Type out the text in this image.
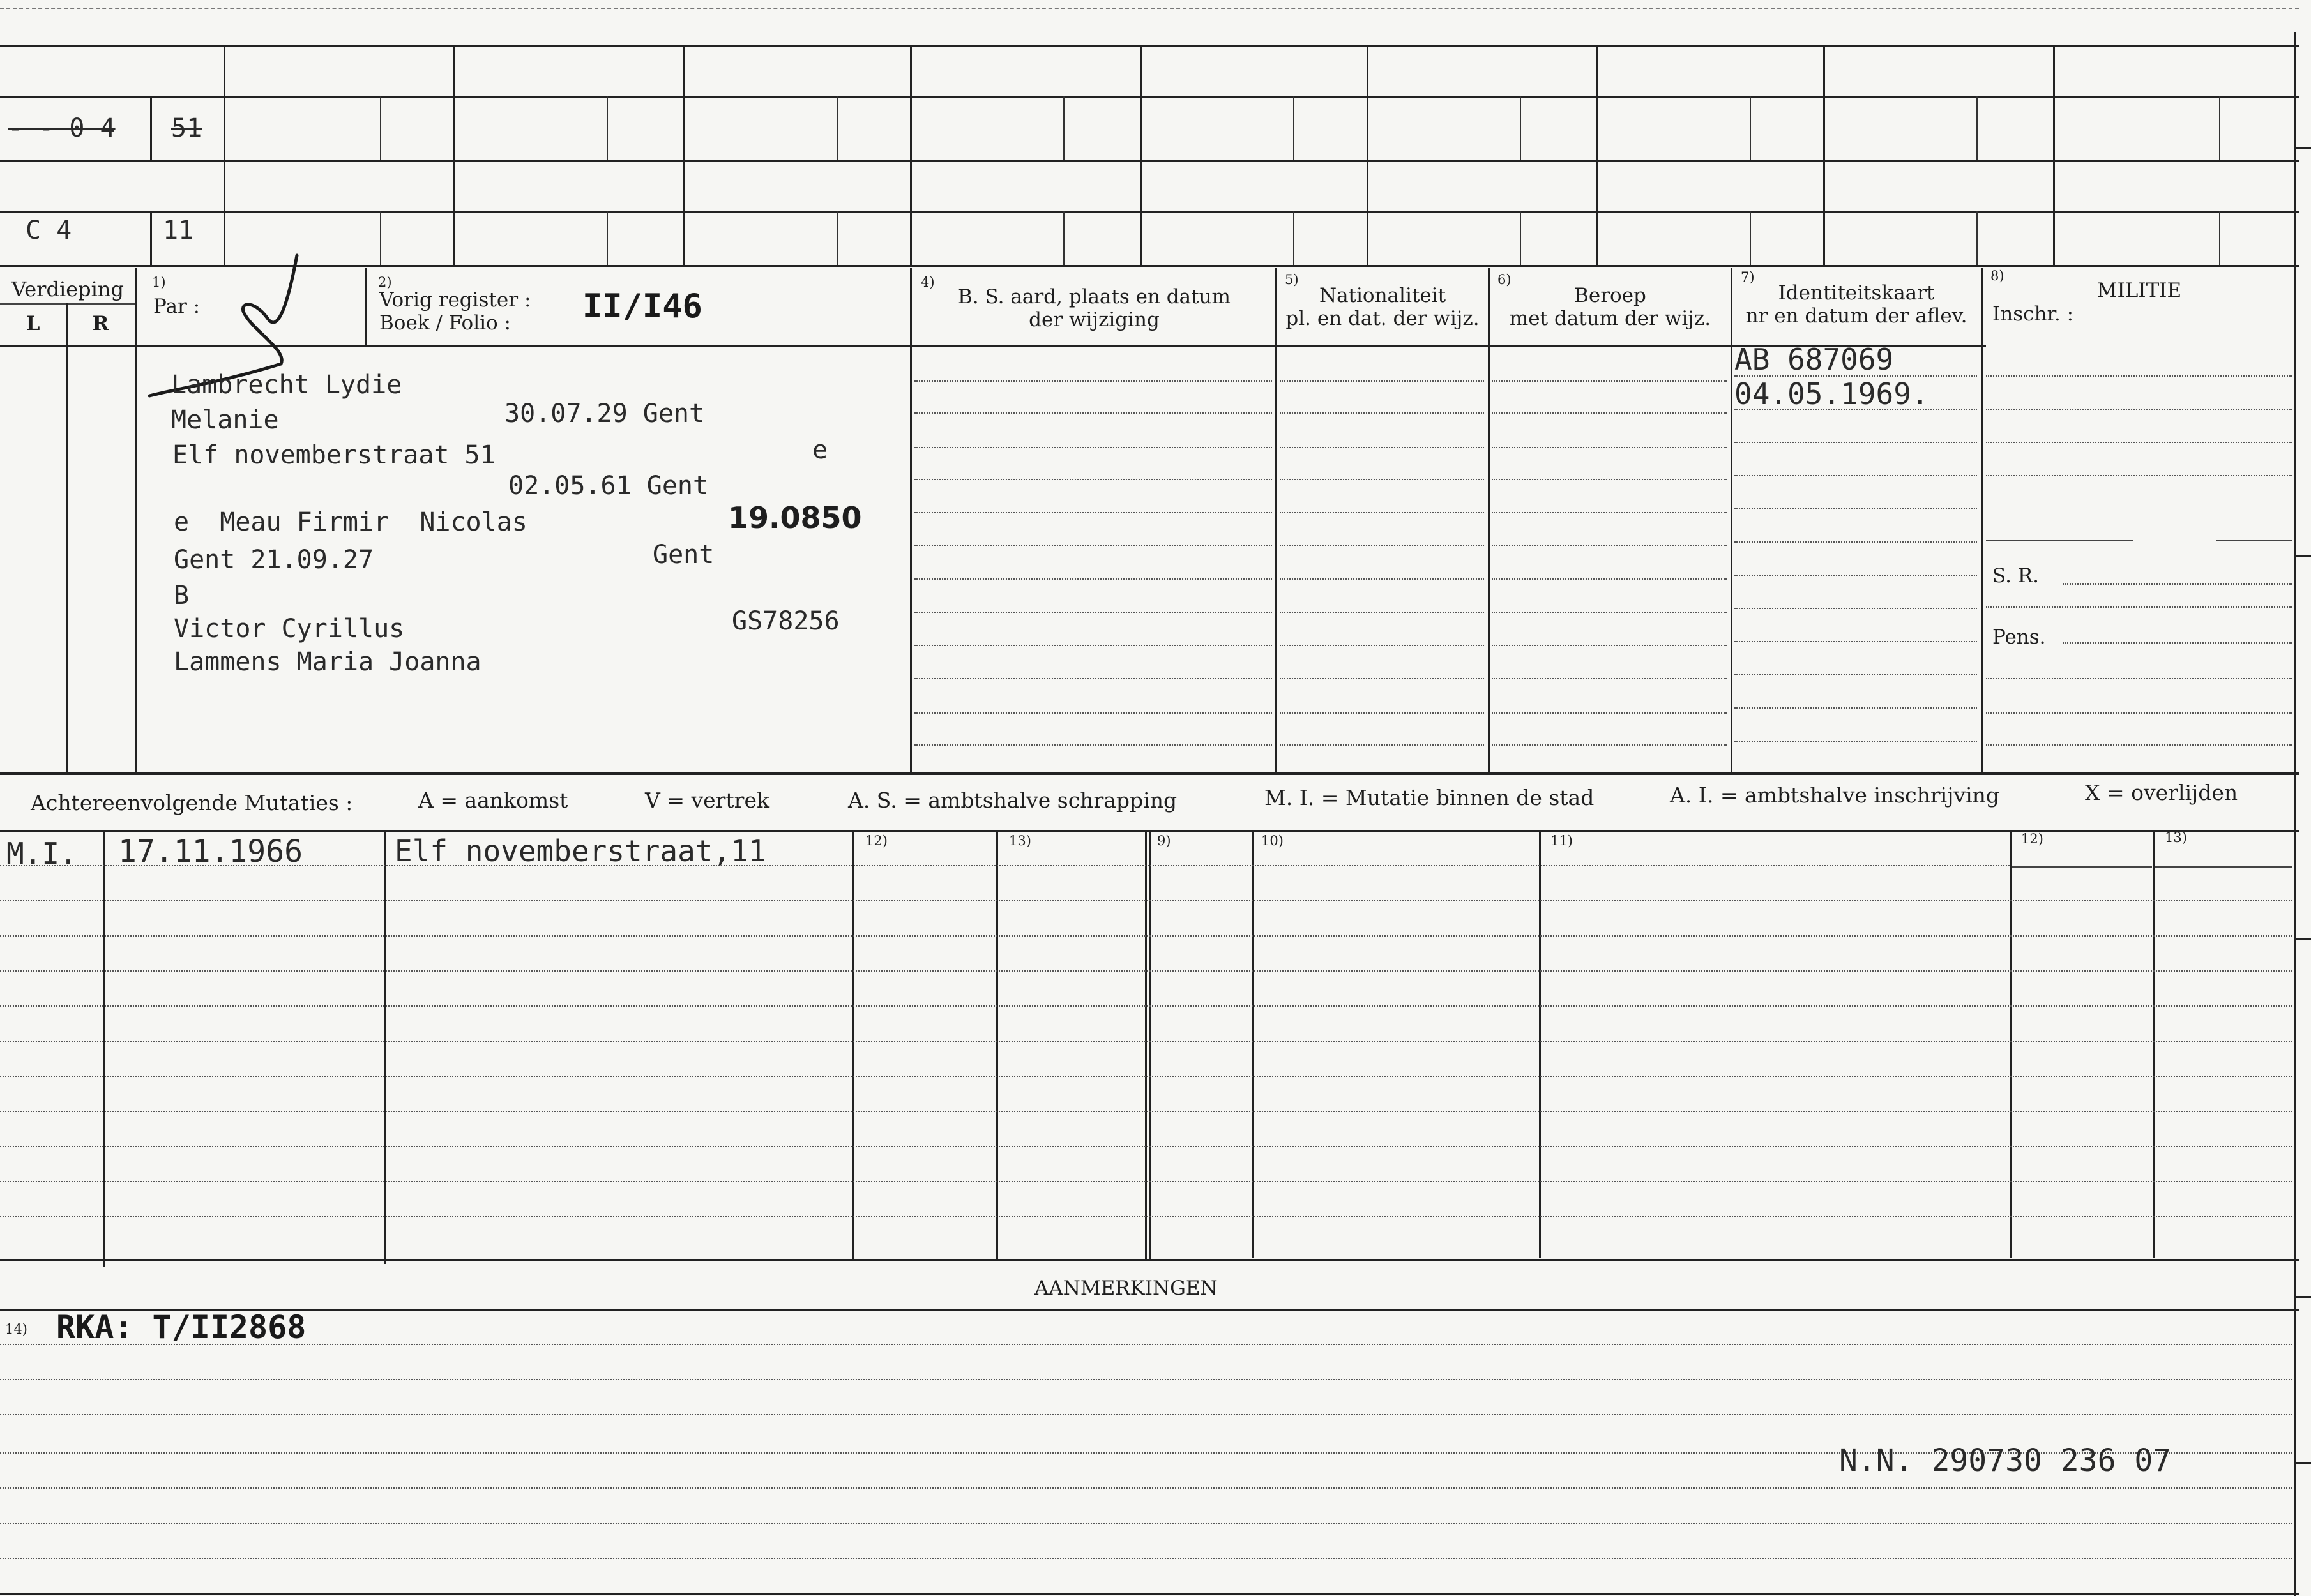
- - 0 4 51
C 4	11
Verdieping
L	R
1)
Par :
2)
Vorig register :
Boek / Folio : II/I46
4)
B. S. aard, plaats en datum
der wijziging
5)
Nationaliteit
pl. en dat. der wijz.
6)
Beroep
met datum der wijz.
7)
Identiteitskaart
nr en datum der aflev.
8)
MILITIE
Inschr. :
S. R.
Pens.
Lambrecht Lydie
Melanie	30.07.29 Gent
Elf novemberstraat 51	e
02.05.61 Gent
e  Meau Firmir  Nicolas	19.0850
Gent 21.09.27	Gent
B
Victor Cyrillus	GS78256
Lammens Maria Joanna
AB 687069
04.05.1969.
Achtereenvolgende Mutaties :	A = aankomst	V = vertrek	A. S. = ambtshalve schrapping	M. I. = Mutatie binnen de stad	A. I. = ambtshalve inschrijving	X = overlijden
12)	13)	9)	10)	11)	12)	13)
M.I. 17.11.1966	Elf novemberstraat,11
AANMERKINGEN
14) RKA: T/II2868
N.N. 290730 236 07
